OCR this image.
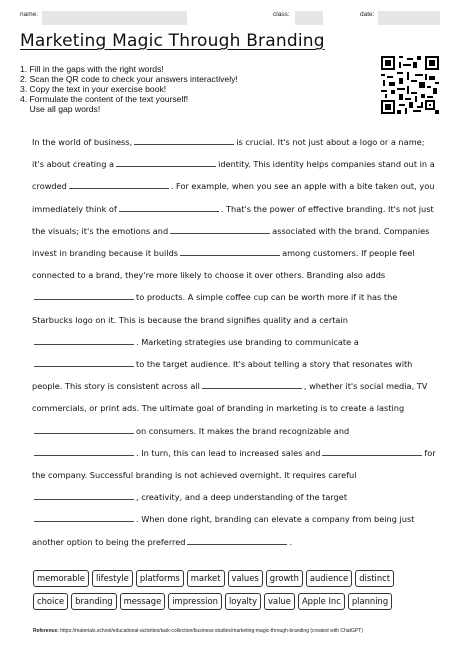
name:	class:	date:
Marketing Magic Through Branding
1. Fill in the gaps with the right words!
2. Scan the QR code to check your answers interactively!
3. Copy the text in your exercise book!
4. Formulate the content of the text yourself!
Use all gap words!
In the world of business,	is crucial. It's not just about a logo or a name; it's about creating a	identity. This identity helps companies stand out in a crowded	. For example, when you see an apple with a bite taken out, you immediately think of	. That's the power of effective branding. It's not just the visuals; it's the emotions and	associated with the brand. Companies invest in branding because it builds	among customers. If people feel connected to a brand, they're more likely to choose it over others. Branding also addsto products. A simple coffee cup can be worth more if it has the Starbucks logo on it. This is because the brand signifies quality and a certain. Marketing strategies use branding to communicate ato the target audience. It's about telling a story that resonates with people. This story is consistent across all	, whether it's social media, TV commercials, or print ads. The ultimate goal of branding in marketing is to create a lastingon consumers. It makes the brand recognizable and. In turn, this can lead to increased sales and	for the company. Successful branding is not achieved overnight. It requires careful, creativity, and a deep understanding of the target. When done right, branding can elevate a company from being just another option to being the preferred	.
memorable	lifestyle	platforms	market	values	growth	audience	distinct
choice	branding	message	impression	loyalty	value	Apple Inc	planning
Reference: https://materials.school/educational-activities/task-collection/business-studies/marketing-magic-through-branding (created with ChatGPT)
